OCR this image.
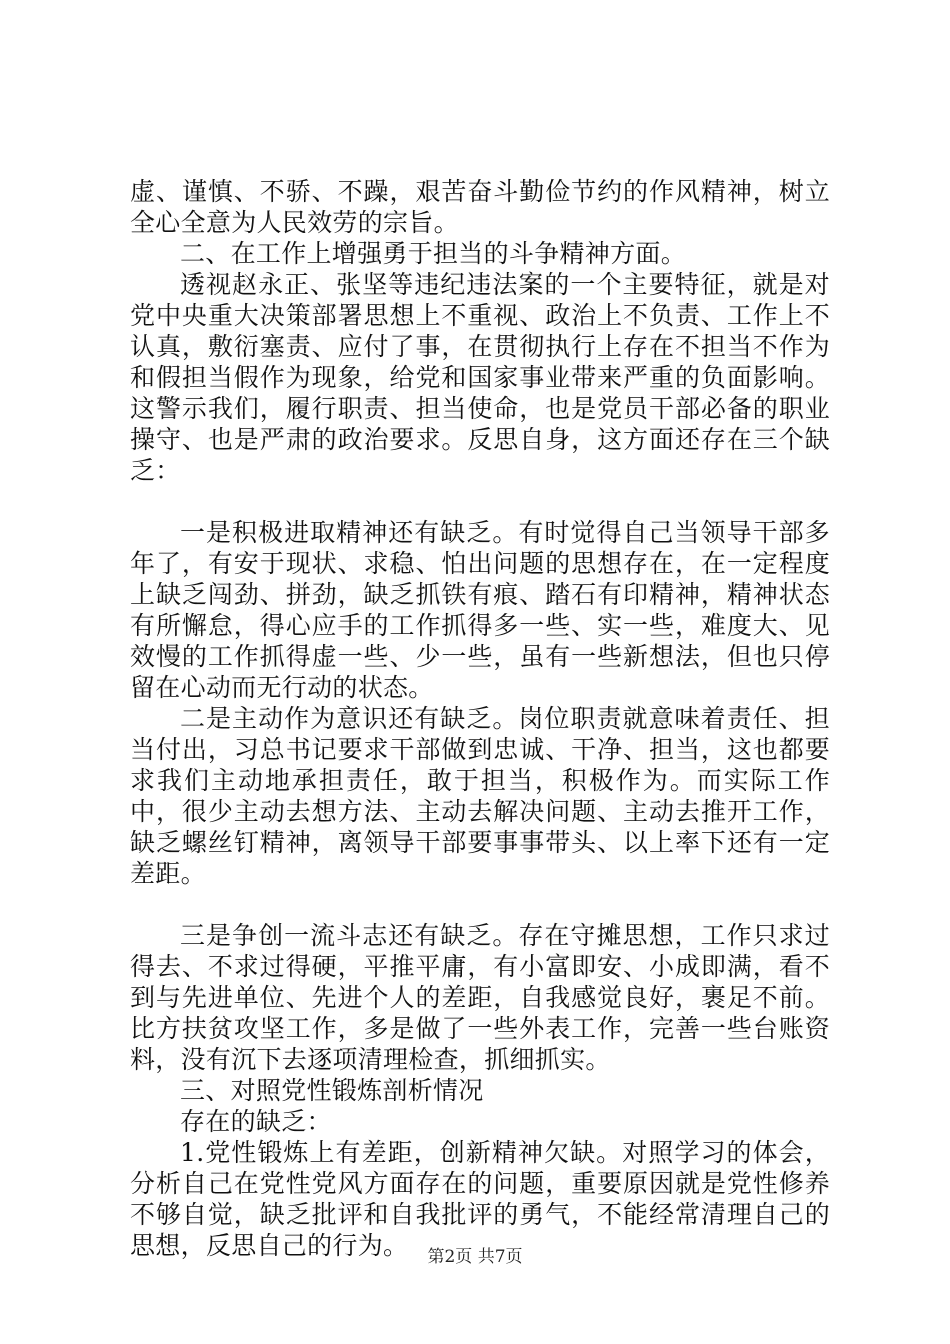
虚、谨慎、不骄、不躁，艰苦奋斗勤俭节约的作风精神，树立全心全意为人民效劳的宗旨。

二、在工作上增强勇于担当的斗争精神方面。

透视赵永正、张坚等违纪违法案的一个主要特征，就是对党中央重大决策部署思想上不重视、政治上不负责、工作上不认真，敷衍塞责、应付了事，在贯彻执行上存在不担当不作为和假担当假作为现象，给党和国家事业带来严重的负面影响。这警示我们，履行职责、担当使命，也是党员干部必备的职业操守、也是严肃的政治要求。反思自身，这方面还存在三个缺乏：

一是积极进取精神还有缺乏。有时觉得自己当领导干部多年了，有安于现状、求稳、怕出问题的思想存在，在一定程度上缺乏闯劲、拼劲，缺乏抓铁有痕、踏石有印精神，精神状态有所懈怠，得心应手的工作抓得多一些、实一些，难度大、见效慢的工作抓得虚一些、少一些，虽有一些新想法，但也只停留在心动而无行动的状态。

二是主动作为意识还有缺乏。岗位职责就意味着责任、担当付出，习总书记要求干部做到忠诚、干净、担当，这也都要求我们主动地承担责任，敢于担当，积极作为。而实际工作中，很少主动去想方法、主动去解决问题、主动去推开工作，缺乏螺丝钉精神，离领导干部要事事带头、以上率下还有一定差距。

三是争创一流斗志还有缺乏。存在守摊思想，工作只求过得去、不求过得硬，平推平庸，有小富即安、小成即满，看不到与先进单位、先进个人的差距，自我感觉良好，裹足不前。比方扶贫攻坚工作，多是做了一些外表工作，完善一些台账资料，没有沉下去逐项清理检查，抓细抓实。

三、对照党性锻炼剖析情况

存在的缺乏：

1.党性锻炼上有差距，创新精神欠缺。对照学习的体会，分析自己在党性党风方面存在的问题，重要原因就是党性修养不够自觉，缺乏批评和自我批评的勇气，不能经常清理自己的思想，反思自己的行为。	第2页 共7页
